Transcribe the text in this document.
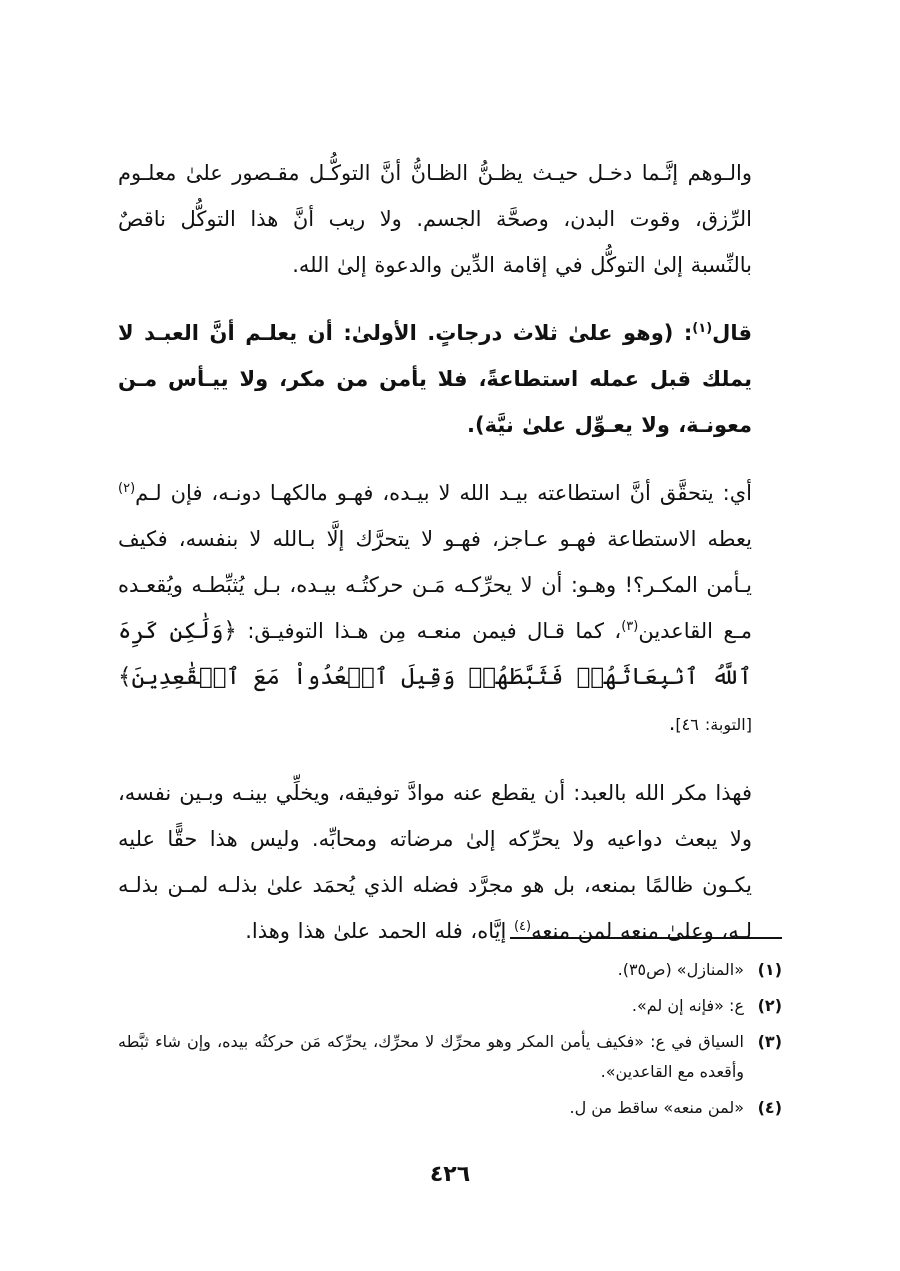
والـوهم إنَّـما دخـل حيـث يظـنُّ الظـانُّ أنَّ التوكُّـل مقـصور علىٰ معلـوم الرِّزق، وقوت البدن، وصحَّة الجسم. ولا ريب أنَّ هذا التوكُّل ناقصٌ بالنِّسبة إلىٰ التوكُّل في إقامة الدِّين والدعوة إلىٰ الله.

قال$^{(١)}$: (وهو علىٰ ثلاث درجاتٍ. الأولىٰ: أن يعلـم أنَّ العبـد لا يملك قبل عمله استطاعةً، فلا يأمن من مكر، ولا ييـأس مـن معونـة، ولا يعـوِّل علىٰ نيَّة).

أي: يتحقَّق أنَّ استطاعته بيـد الله لا بيـده، فهـو مالكهـا دونـه، فإن لـم$^{(٢)}$ يعطه الاستطاعة فهـو عـاجز، فهـو لا يتحرَّك إلَّا بـالله لا بنفسه، فكيف يـأمن المكـر؟! وهـو: أن لا يحرِّكـه مَـن حركتُـه بيـده، بـل يُثبِّطـه ويُقعـده مـع القاعدين$^{(٣)}$، كما قـال فيمن منعـه مِن هـذا التوفيـق: ﴿وَلَٰكِن كَرِهَ ٱللَّهُ ٱنۢبِعَاثَهُمۡ فَثَبَّطَهُمۡ وَقِيلَ ٱقۡعُدُواْ مَعَ ٱلۡقَٰعِدِينَ﴾ [التوبة: ٤٦].

فهذا مكر الله بالعبد: أن يقطع عنه موادَّ توفيقه، ويخلِّي بينـه وبـين نفسه، ولا يبعث دواعيه ولا يحرِّكه إلىٰ مرضاته ومحابِّه. وليس هذا حقًّا عليه يكـون ظالمًا بمنعه، بل هو مجرَّد فضله الذي يُحمَد علىٰ بذلـه لمـن بذلـه لـه، وعلىٰ منعه لمن منعه$^{(٤)}$ إيَّاه، فله الحمد علىٰ هذا وهذا.

(١)
«المنازل» (ص٣٥).
(٢)
ع: «فإنه إن لم».
(٣)
السياق في ع: «فكيف يأمن المكر وهو محرِّك لا محرِّك، يحرِّكه مَن حركتُه بيده، وإن شاء ثبَّطه وأقعده مع القاعدين».
(٤)
«لمن منعه» ساقط من ل.
٤٢٦
